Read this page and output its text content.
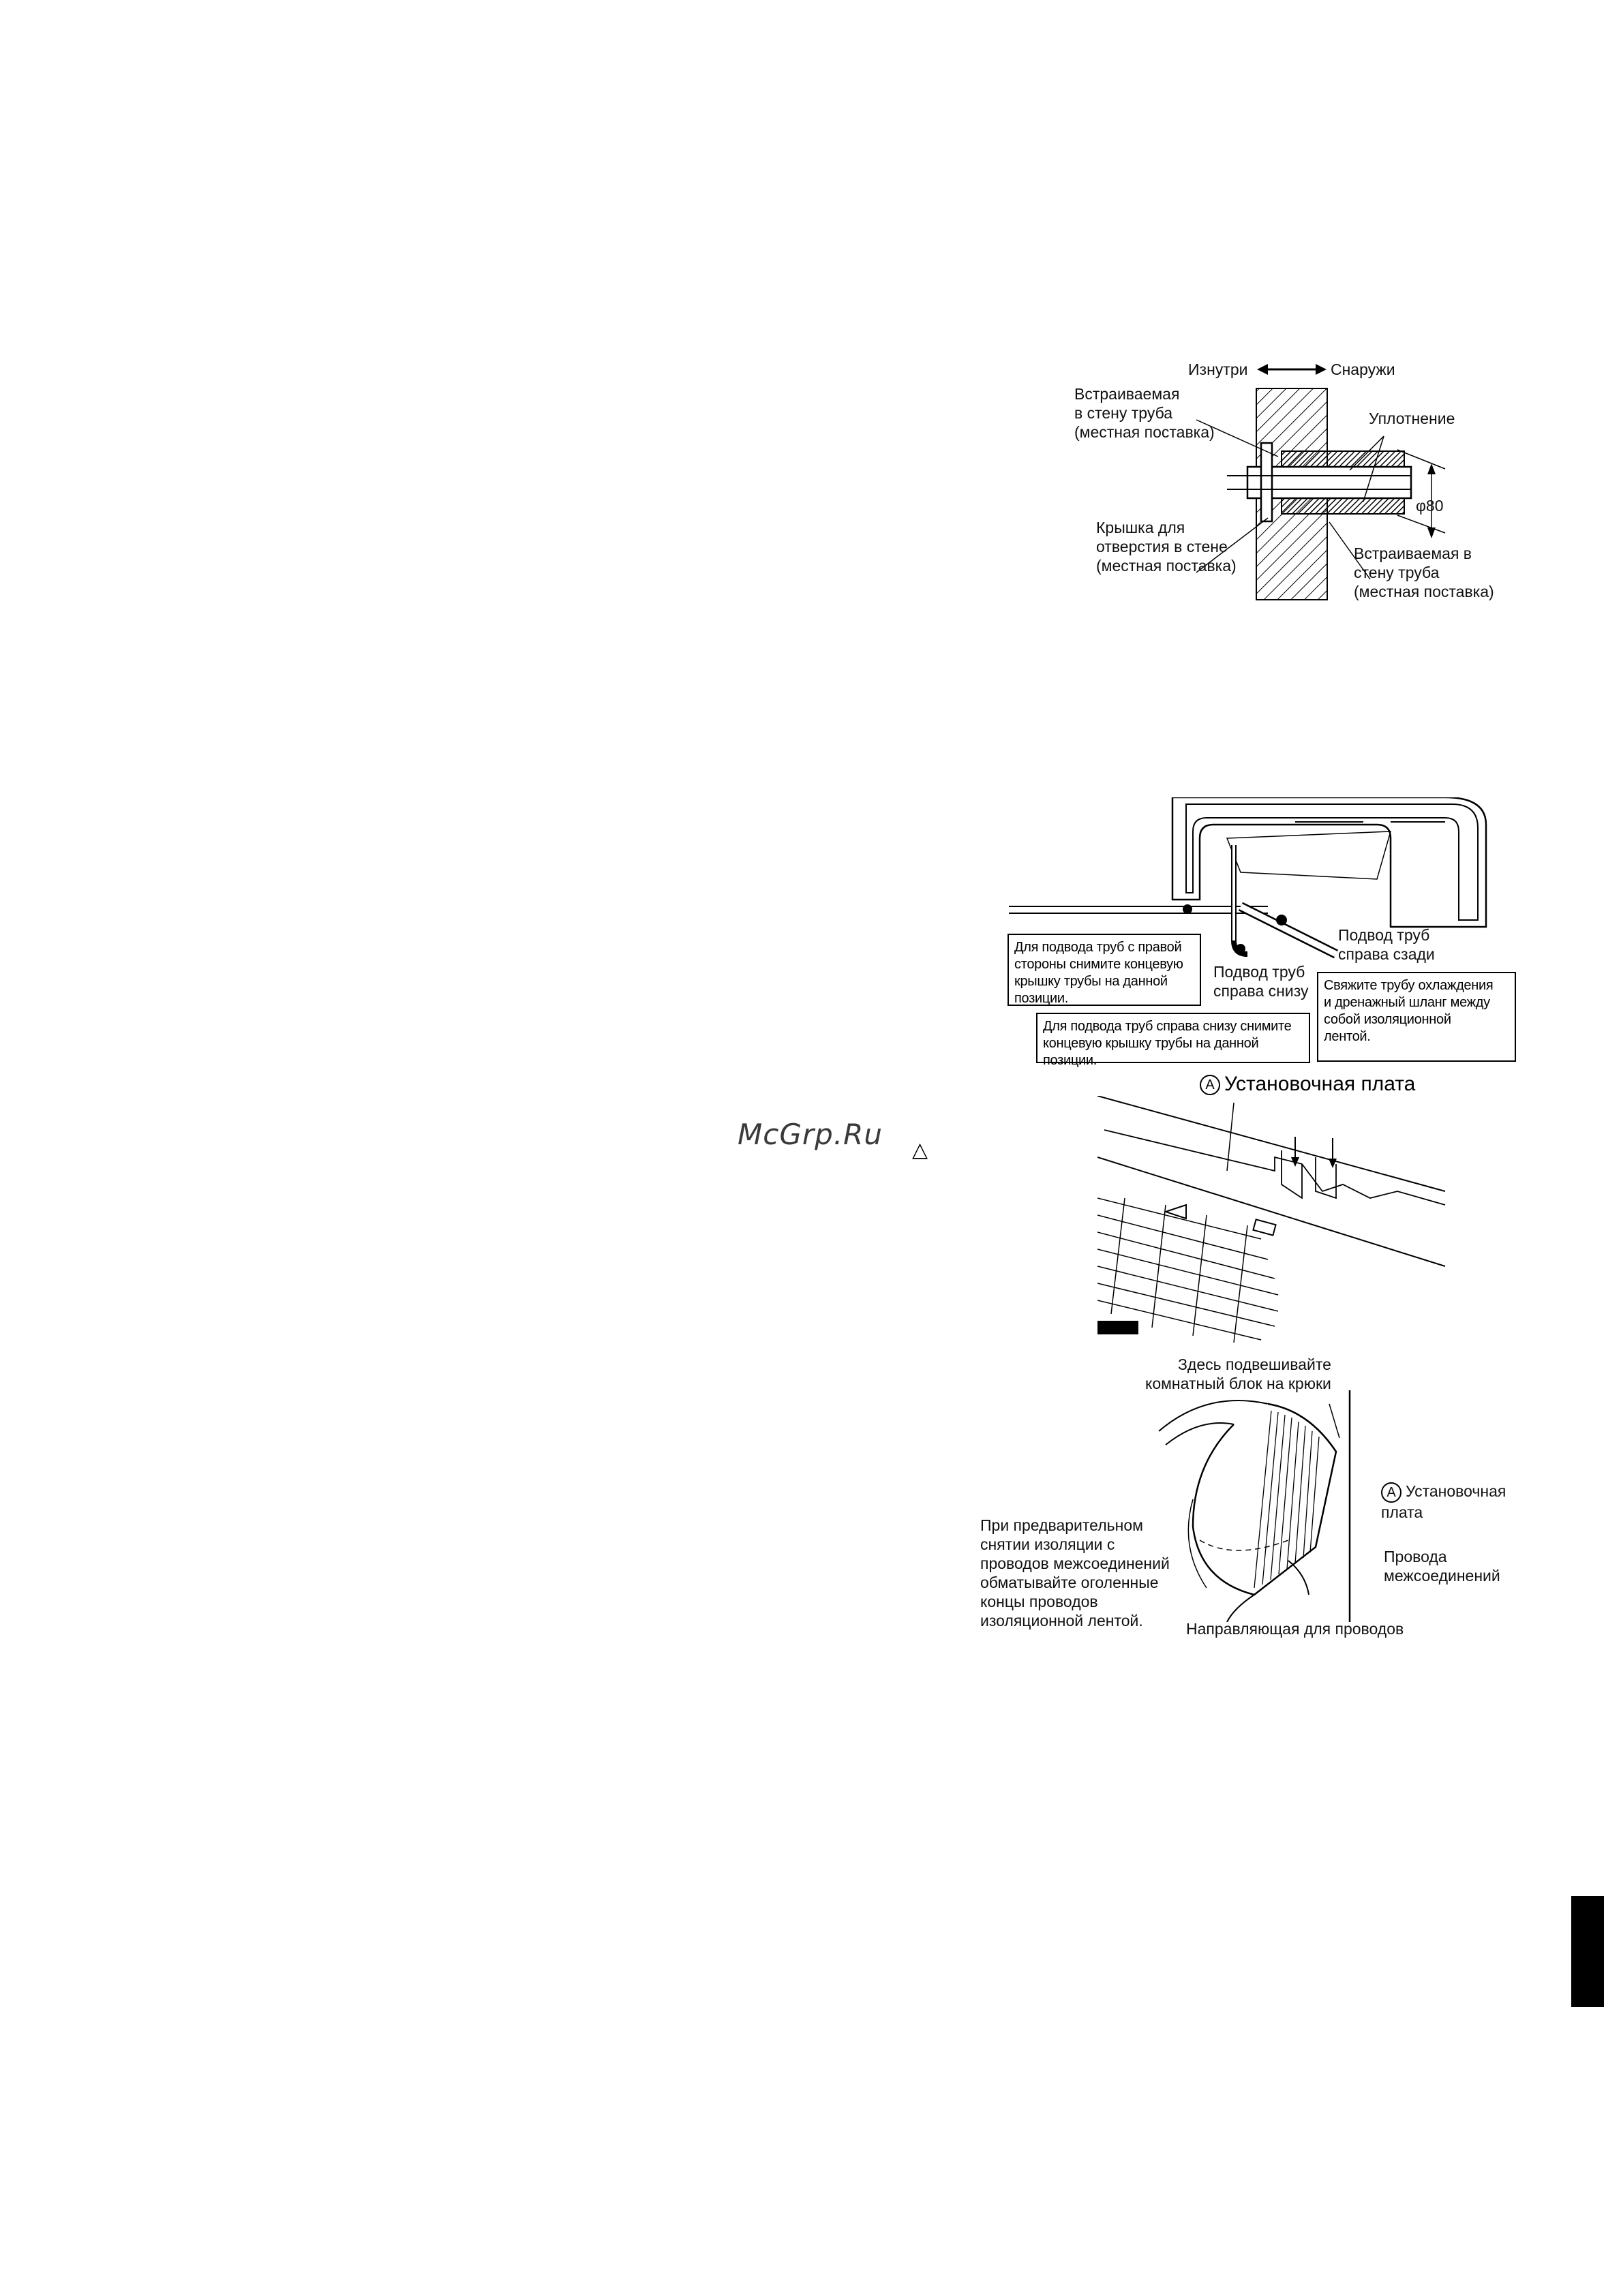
Изнутри	Снаружи
Встраиваемая
в стену труба
(местная поставка)
Уплотнение
φ80
Крышка для
отверстия в стене
(местная поставка)
Встраиваемая в
стену труба
(местная поставка)
Подвод труб
справа сзади
Подвод труб
справа снизу
Для подвода труб с правой
стороны снимите концевую
крышку трубы на данной позиции.
Для подвода труб справа снизу снимите
концевую крышку трубы на данной позиции.
Свяжите трубу охлаждения
и дренажный шланг между
собой изоляционной
лентой.
A Установочная плата
Здесь подвешивайте
комнатный блок на крюки

A Установочная
плата

Провода
межсоединений
При предварительном
снятии изоляции с
проводов межсоединений
обматывайте оголенные
концы проводов
изоляционной лентой.	Направляющая для проводов
McGrp.Ru △
